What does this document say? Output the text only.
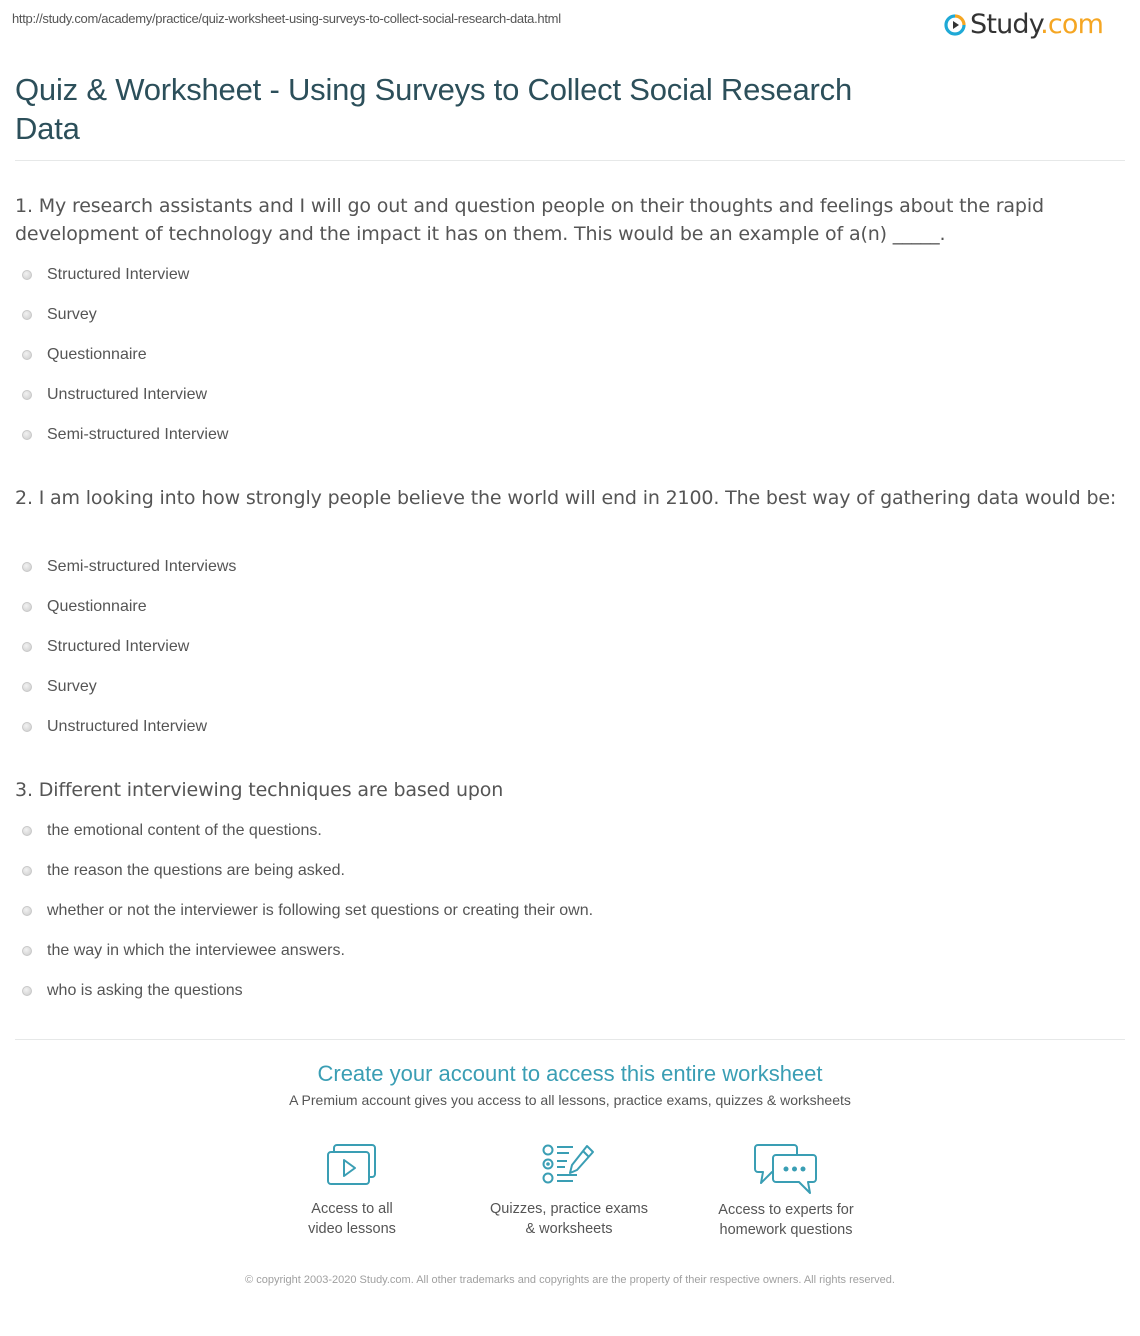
http://study.com/academy/practice/quiz-worksheet-using-surveys-to-collect-social-research-data.html	Study.com
Quiz & Worksheet - Using Surveys to Collect Social Research Data

1. My research assistants and I will go out and question people on their thoughts and feelings about the rapid development of technology and the impact it has on them. This would be an example of a(n) _____.

Structured Interview
Survey
Questionnaire
Unstructured Interview
Semi-structured Interview

2. I am looking into how strongly people believe the world will end in 2100. The best way of gathering data would be:

Semi-structured Interviews
Questionnaire
Structured Interview
Survey
Unstructured Interview

3. Different interviewing techniques are based upon

the emotional content of the questions.
the reason the questions are being asked.
whether or not the interviewer is following set questions or creating their own.
the way in which the interviewee answers.
who is asking the questions
Create your account to access this entire worksheet
A Premium account gives you access to all lessons, practice exams, quizzes & worksheets
Access to all
video lessons
Quizzes, practice exams
& worksheets
Access to experts for
homework questions
© copyright 2003-2020 Study.com. All other trademarks and copyrights are the property of their respective owners. All rights reserved.
